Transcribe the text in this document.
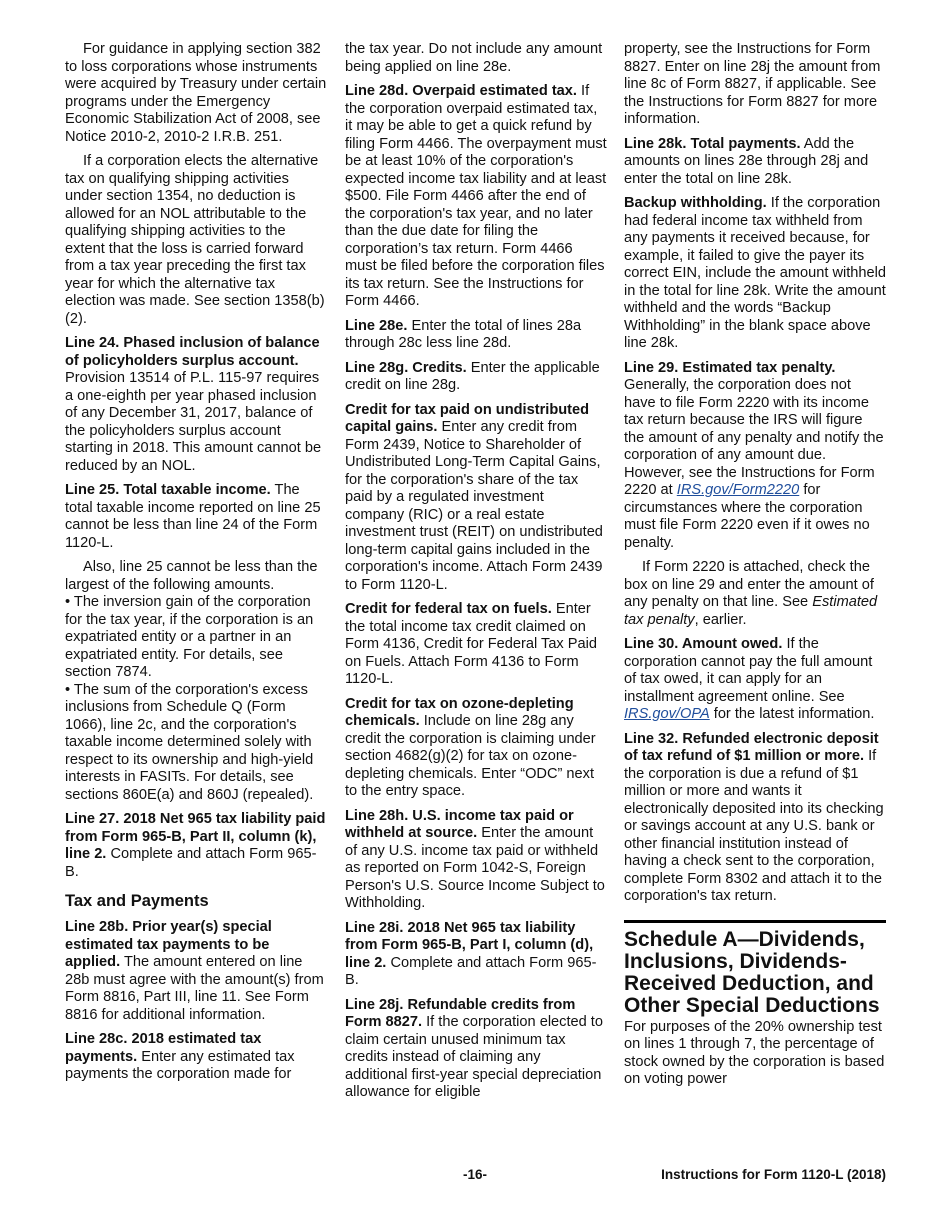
For guidance in applying section 382 to loss corporations whose instruments were acquired by Treasury under certain programs under the Emergency Economic Stabilization Act of 2008, see Notice 2010-2, 2010-2 I.R.B. 251.

If a corporation elects the alternative tax on qualifying shipping activities under section 1354, no deduction is allowed for an NOL attributable to the qualifying shipping activities to the extent that the loss is carried forward from a tax year preceding the first tax year for which the alternative tax election was made. See section 1358(b)(2).

Line 24. Phased inclusion of balance of policyholders surplus account. Provision 13514 of P.L. 115-97 requires a one-eighth per year phased inclusion of any December 31, 2017, balance of the policyholders surplus account starting in 2018. This amount cannot be reduced by an NOL.

Line 25. Total taxable income. The total taxable income reported on line 25 cannot be less than line 24 of the Form 1120-L.

Also, line 25 cannot be less than the largest of the following amounts.

• The inversion gain of the corporation for the tax year, if the corporation is an expatriated entity or a partner in an expatriated entity. For details, see section 7874.

• The sum of the corporation's excess inclusions from Schedule Q (Form 1066), line 2c, and the corporation's taxable income determined solely with respect to its ownership and high-yield interests in FASITs. For details, see sections 860E(a) and 860J (repealed).

Line 27. 2018 Net 965 tax liability paid from Form 965-B, Part II, column (k), line 2. Complete and attach Form 965-B.

Tax and Payments

Line 28b. Prior year(s) special estimated tax payments to be applied. The amount entered on line 28b must agree with the amount(s) from Form 8816, Part III, line 11. See Form 8816 for additional information.

Line 28c. 2018 estimated tax payments. Enter any estimated tax payments the corporation made for

the tax year. Do not include any amount being applied on line 28e.

Line 28d. Overpaid estimated tax. If the corporation overpaid estimated tax, it may be able to get a quick refund by filing Form 4466. The overpayment must be at least 10% of the corporation's expected income tax liability and at least $500. File Form 4466 after the end of the corporation's tax year, and no later than the due date for filing the corporation’s tax return. Form 4466 must be filed before the corporation files its tax return. See the Instructions for Form 4466.

Line 28e. Enter the total of lines 28a through 28c less line 28d.

Line 28g. Credits. Enter the applicable credit on line 28g.

Credit for tax paid on undistributed capital gains. Enter any credit from Form 2439, Notice to Shareholder of Undistributed Long-Term Capital Gains, for the corporation's share of the tax paid by a regulated investment company (RIC) or a real estate investment trust (REIT) on undistributed long-term capital gains included in the corporation's income. Attach Form 2439 to Form 1120-L.

Credit for federal tax on fuels. Enter the total income tax credit claimed on Form 4136, Credit for Federal Tax Paid on Fuels. Attach Form 4136 to Form 1120-L.

Credit for tax on ozone-depleting chemicals. Include on line 28g any credit the corporation is claiming under section 4682(g)(2) for tax on ozone-depleting chemicals. Enter “ODC” next to the entry space.

Line 28h. U.S. income tax paid or withheld at source. Enter the amount of any U.S. income tax paid or withheld as reported on Form 1042-S, Foreign Person's U.S. Source Income Subject to Withholding.

Line 28i. 2018 Net 965 tax liability from Form 965-B, Part I, column (d), line 2. Complete and attach Form 965-B.

Line 28j. Refundable credits from Form 8827. If the corporation elected to claim certain unused minimum tax credits instead of claiming any additional first-year special depreciation allowance for eligible

property, see the Instructions for Form 8827. Enter on line 28j the amount from line 8c of Form 8827, if applicable. See the Instructions for Form 8827 for more information.

Line 28k. Total payments. Add the amounts on lines 28e through 28j and enter the total on line 28k.

Backup withholding. If the corporation had federal income tax withheld from any payments it received because, for example, it failed to give the payer its correct EIN, include the amount withheld in the total for line 28k. Write the amount withheld and the words “Backup Withholding” in the blank space above line 28k.

Line 29. Estimated tax penalty. Generally, the corporation does not have to file Form 2220 with its income tax return because the IRS will figure the amount of any penalty and notify the corporation of any amount due. However, see the Instructions for Form 2220 at IRS.gov/Form2220 for circumstances where the corporation must file Form 2220 even if it owes no penalty.

If Form 2220 is attached, check the box on line 29 and enter the amount of any penalty on that line. See Estimated tax penalty, earlier.

Line 30. Amount owed. If the corporation cannot pay the full amount of tax owed, it can apply for an installment agreement online. See IRS.gov/OPA for the latest information.

Line 32. Refunded electronic deposit of tax refund of $1 million or more. If the corporation is due a refund of $1 million or more and wants it electronically deposited into its checking or savings account at any U.S. bank or other financial institution instead of having a check sent to the corporation, complete Form 8302 and attach it to the corporation's tax return.

Schedule A—Dividends, Inclusions, Dividends-Received Deduction, and Other Special Deductions

For purposes of the 20% ownership test on lines 1 through 7, the percentage of stock owned by the corporation is based on voting power

-16-	Instructions for Form 1120-L (2018)
